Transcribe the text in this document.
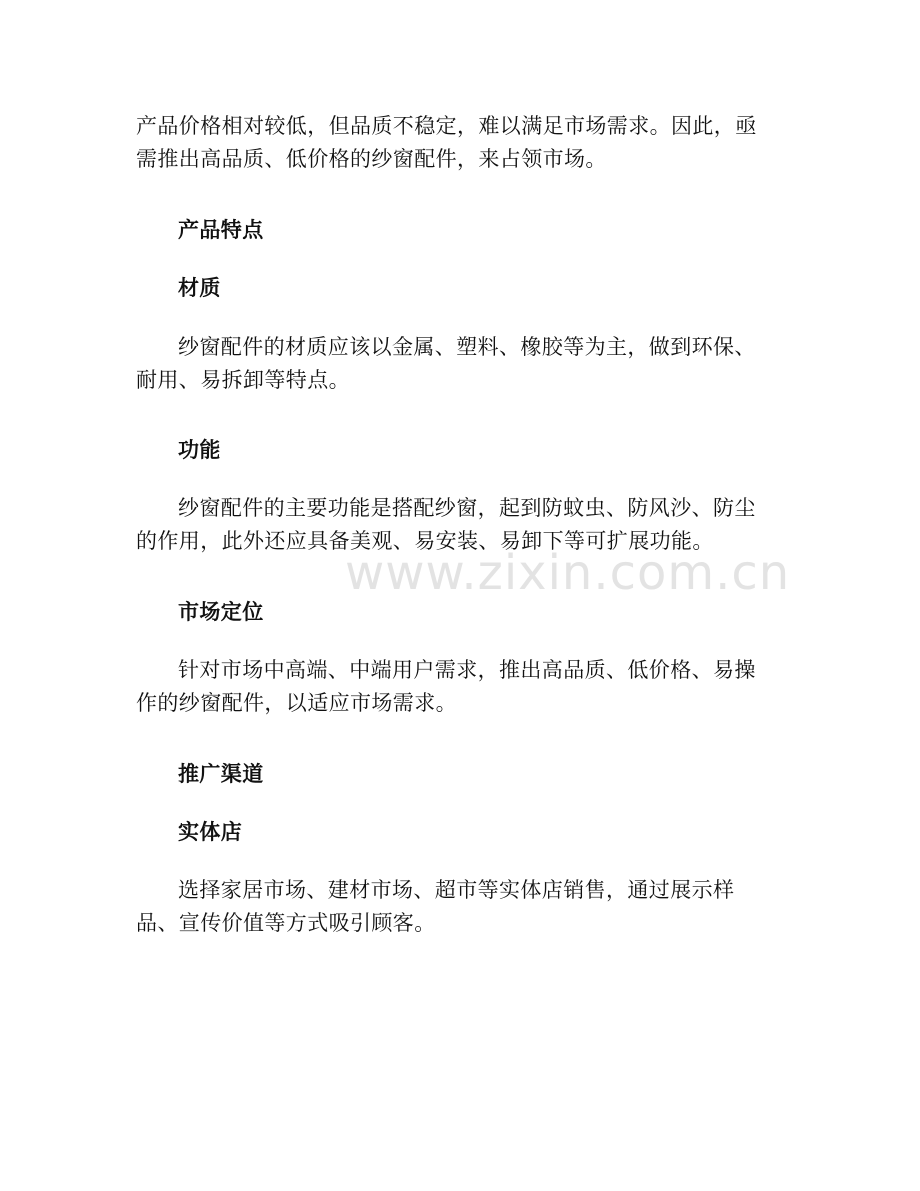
产品价格相对较低，但品质不稳定，难以满足市场需求。因此，亟需推出高品质、低价格的纱窗配件，来占领市场。
产品特点
材质
纱窗配件的材质应该以金属、塑料、橡胶等为主，做到环保、耐用、易拆卸等特点。
功能
纱窗配件的主要功能是搭配纱窗，起到防蚊虫、防风沙、防尘的作用，此外还应具备美观、易安装、易卸下等可扩展功能。
市场定位
针对市场中高端、中端用户需求，推出高品质、低价格、易操作的纱窗配件，以适应市场需求。
推广渠道
实体店
选择家居市场、建材市场、超市等实体店销售，通过展示样品、宣传价值等方式吸引顾客。
www.zixin.com.cn
